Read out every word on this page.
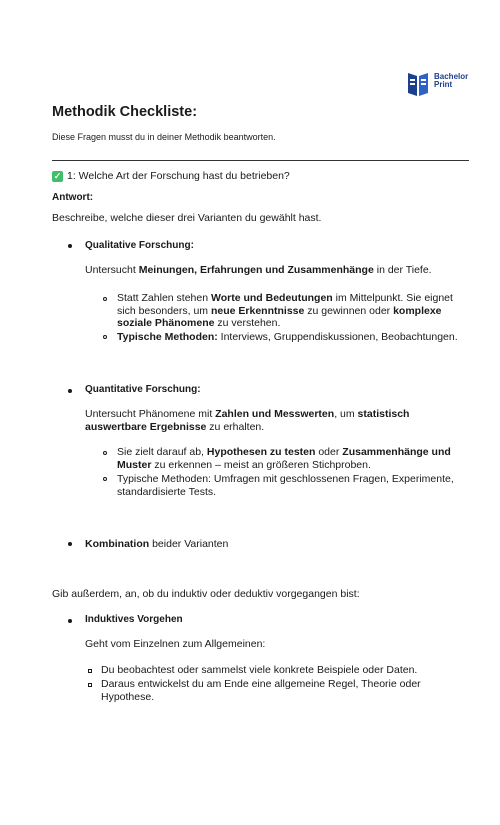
Bachelor
Print
Methodik Checkliste:
Diese Fragen musst du in deiner Methodik beantworten.
✓ 1: Welche Art der Forschung hast du betrieben?
Antwort:
Beschreibe, welche dieser drei Varianten du gewählt hast.
Qualitative Forschung:
Untersucht Meinungen, Erfahrungen und Zusammenhänge in der Tiefe.
Statt Zahlen stehen Worte und Bedeutungen im Mittelpunkt. Sie eignet sich besonders, um neue Erkenntnisse zu gewinnen oder komplexe soziale Phänomene zu verstehen.
Typische Methoden: Interviews, Gruppendiskussionen, Beobachtungen.
Quantitative Forschung:
Untersucht Phänomene mit Zahlen und Messwerten, um statistisch auswertbare Ergebnisse zu erhalten.
Sie zielt darauf ab, Hypothesen zu testen oder Zusammenhänge und Muster zu erkennen – meist an größeren Stichproben.
Typische Methoden: Umfragen mit geschlossenen Fragen, Experimente, standardisierte Tests.
Kombination beider Varianten
Gib außerdem, an, ob du induktiv oder deduktiv vorgegangen bist:
Induktives Vorgehen
Geht vom Einzelnen zum Allgemeinen:
Du beobachtest oder sammelst viele konkrete Beispiele oder Daten.
Daraus entwickelst du am Ende eine allgemeine Regel, Theorie oder Hypothese.
